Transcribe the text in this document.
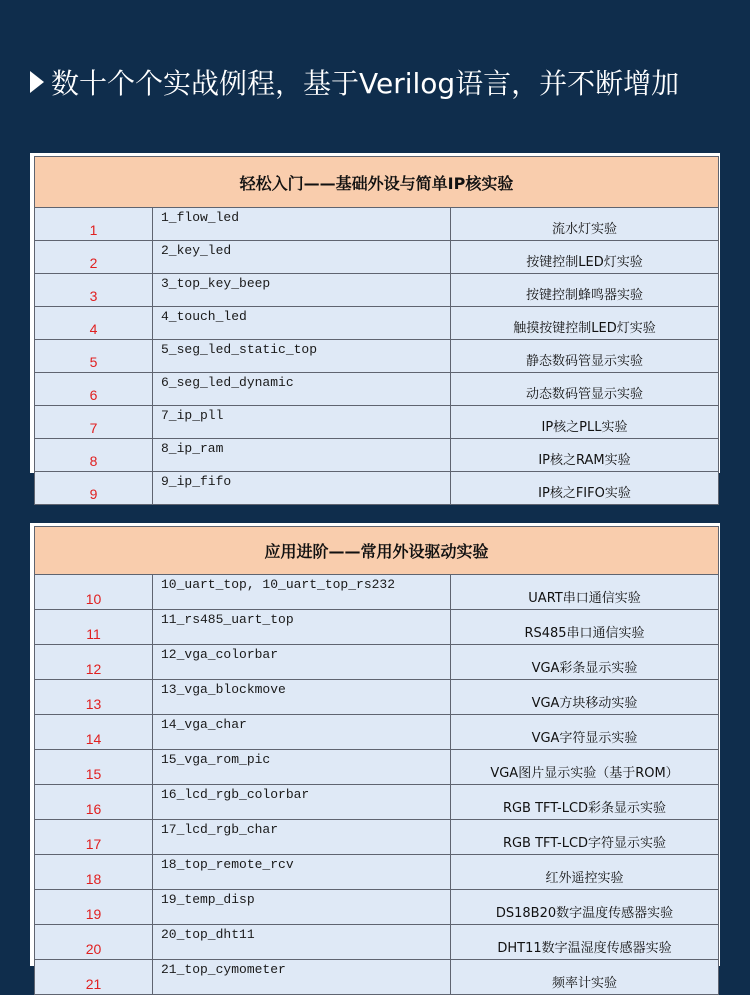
数十个个实战例程，基于Verilog语言，并不断增加
轻松入门——基础外设与简单IP核实验		
1	1_flow_led	流水灯实验
2	2_key_led	按键控制LED灯实验
3	3_top_key_beep	按键控制蜂鸣器实验
4	4_touch_led	触摸按键控制LED灯实验
5	5_seg_led_static_top	静态数码管显示实验
6	6_seg_led_dynamic	动态数码管显示实验
7	7_ip_pll	IP核之PLL实验
8	8_ip_ram	IP核之RAM实验
9	9_ip_fifo	IP核之FIFO实验
应用进阶——常用外设驱动实验		
10	10_uart_top, 10_uart_top_rs232	UART串口通信实验
11	11_rs485_uart_top	RS485串口通信实验
12	12_vga_colorbar	VGA彩条显示实验
13	13_vga_blockmove	VGA方块移动实验
14	14_vga_char	VGA字符显示实验
15	15_vga_rom_pic	VGA图片显示实验（基于ROM）
16	16_lcd_rgb_colorbar	RGB TFT-LCD彩条显示实验
17	17_lcd_rgb_char	RGB TFT-LCD字符显示实验
18	18_top_remote_rcv	红外遥控实验
19	19_temp_disp	DS18B20数字温度传感器实验
20	20_top_dht11	DHT11数字温湿度传感器实验
21	21_top_cymometer	频率计实验
